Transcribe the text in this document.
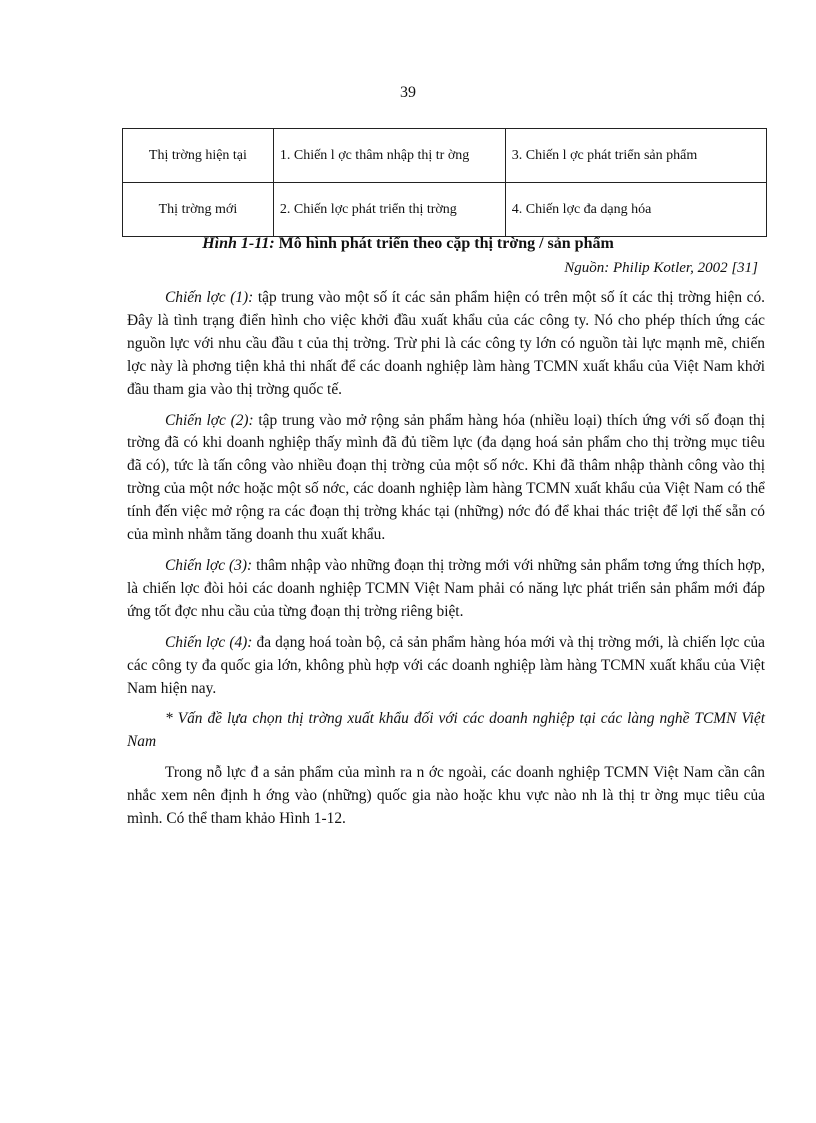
39
Thị trờng hiện tại	1. Chiến l ợc thâm nhập thị tr ờng	3. Chiến l ợc phát triển sản phẩm
Thị trờng mới	2. Chiến lợc phát triển thị trờng	4. Chiến lợc đa dạng hóa
Hình 1-11: Mô hình phát triển theo cặp thị trờng / sản phẩm
Nguồn: Philip Kotler, 2002 [31]

Chiến lợc (1): tập trung vào một số ít các sản phẩm hiện có trên một số ít các thị trờng hiện có. Đây là tình trạng điển hình cho việc khởi đầu xuất khẩu của các công ty. Nó cho phép thích ứng các nguồn lực với nhu cầu đầu t của thị trờng. Trừ phi là các công ty lớn có nguồn tài lực mạnh mẽ, chiến lợc này là phơng tiện khả thi nhất để các doanh nghiệp làm hàng TCMN xuất khẩu của Việt Nam khởi đầu tham gia vào thị trờng quốc tế.

Chiến lợc (2): tập trung vào mở rộng sản phẩm hàng hóa (nhiều loại) thích ứng với số đoạn thị trờng đã có khi doanh nghiệp thấy mình đã đủ tiềm lực (đa dạng hoá sản phẩm cho thị trờng mục tiêu đã có), tức là tấn công vào nhiều đoạn thị trờng của một số nớc. Khi đã thâm nhập thành công vào thị trờng của một nớc hoặc một số nớc, các doanh nghiệp làm hàng TCMN xuất khẩu của Việt Nam có thể tính đến việc mở rộng ra các đoạn thị trờng khác tại (những) nớc đó để khai thác triệt để lợi thế sẵn có của mình nhằm tăng doanh thu xuất khẩu.

Chiến lợc (3): thâm nhập vào những đoạn thị trờng mới với những sản phẩm tơng ứng thích hợp, là chiến lợc đòi hỏi các doanh nghiệp TCMN Việt Nam phải có năng lực phát triển sản phẩm mới đáp ứng tốt đợc nhu cầu của từng đoạn thị trờng riêng biệt.

Chiến lợc (4): đa dạng hoá toàn bộ, cả sản phẩm hàng hóa mới và thị trờng mới, là chiến lợc của các công ty đa quốc gia lớn, không phù hợp với các doanh nghiệp làm hàng TCMN xuất khẩu của Việt Nam hiện nay.

* Vấn đề lựa chọn thị trờng xuất khẩu đối với các doanh nghiệp tại các làng nghề TCMN Việt Nam

Trong nỗ lực đ a sản phẩm của mình ra n ớc ngoài, các doanh nghiệp TCMN Việt Nam cần cân nhắc xem nên định h ớng vào (những) quốc gia nào hoặc khu vực nào nh là thị tr ờng mục tiêu của mình. Có thể tham khảo Hình 1-12.
